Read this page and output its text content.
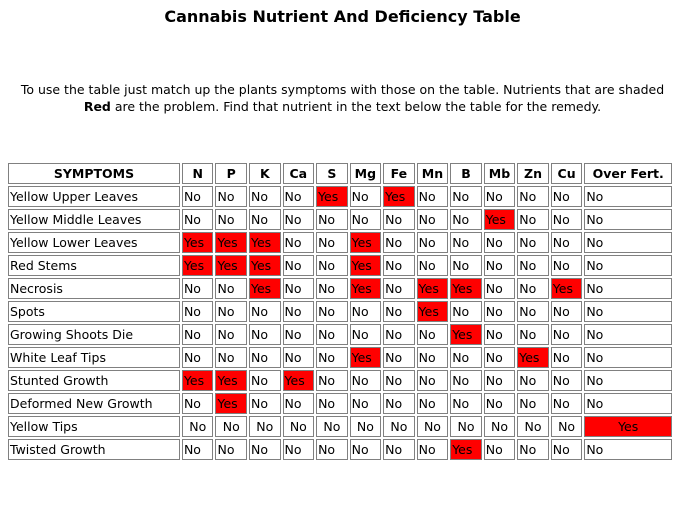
Cannabis Nutrient And Deficiency Table

To use the table just match up the plants symptoms with those on the table. Nutrients that are shaded Red are the problem. Find that nutrient in the text below the table for the remedy.

SYMPTOMS	N	P	K	Ca	S	Mg	Fe	Mn	B	Mb	Zn	Cu	Over Fert.
Yellow Upper Leaves	No	No	No	No	Yes	No	Yes	No	No	No	No	No	No
Yellow Middle Leaves	No	No	No	No	No	No	No	No	No	Yes	No	No	No
Yellow Lower Leaves	Yes	Yes	Yes	No	No	Yes	No	No	No	No	No	No	No
Red Stems	Yes	Yes	Yes	No	No	Yes	No	No	No	No	No	No	No
Necrosis	No	No	Yes	No	No	Yes	No	Yes	Yes	No	No	Yes	No
Spots	No	No	No	No	No	No	No	Yes	No	No	No	No	No
Growing Shoots Die	No	No	No	No	No	No	No	No	Yes	No	No	No	No
White Leaf Tips	No	No	No	No	No	Yes	No	No	No	No	Yes	No	No
Stunted Growth	Yes	Yes	No	Yes	No	No	No	No	No	No	No	No	No
Deformed New Growth	No	Yes	No	No	No	No	No	No	No	No	No	No	No
Yellow Tips	No	No	No	No	No	No	No	No	No	No	No	No	Yes
Twisted Growth	No	No	No	No	No	No	No	No	Yes	No	No	No	No
